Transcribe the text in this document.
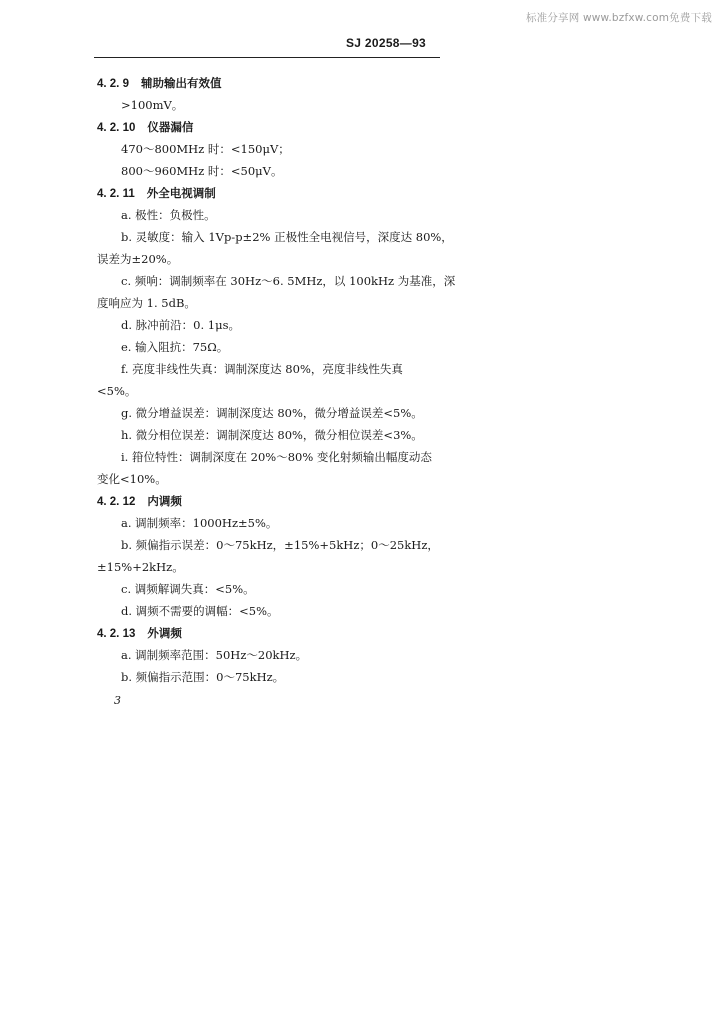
标准分享网 www.bzfxw.com免费下载
SJ 20258—93
4. 2. 9 辅助输出有效值
>100mV。
4. 2. 10 仪器漏信
470～800MHz 时：<150μV；
800～960MHz 时：<50μV。
4. 2. 11 外全电视调制
a. 极性：负极性。
b. 灵敏度：输入 1Vp-p±2% 正极性全电视信号，深度达 80%，
误差为±20%。
c. 频响：调制频率在 30Hz～6. 5MHz，以 100kHz 为基准，深
度响应为 1. 5dB。
d. 脉冲前沿：0. 1μs。
e. 输入阻抗：75Ω。
f. 亮度非线性失真：调制深度达 80%，亮度非线性失真
<5%。
g. 微分增益误差：调制深度达 80%，微分增益误差<5%。
h. 微分相位误差：调制深度达 80%，微分相位误差<3%。
i. 箝位特性：调制深度在 20%～80% 变化射频输出幅度动态
变化<10%。
4. 2. 12 内调频
a. 调制频率：1000Hz±5%。
b. 频偏指示误差：0～75kHz，±15%+5kHz；0～25kHz，
±15%+2kHz。
c. 调频解调失真：<5%。
d. 调频不需要的调幅：<5%。
4. 2. 13 外调频
a. 调制频率范围：50Hz～20kHz。
b. 频偏指示范围：0～75kHz。
3
